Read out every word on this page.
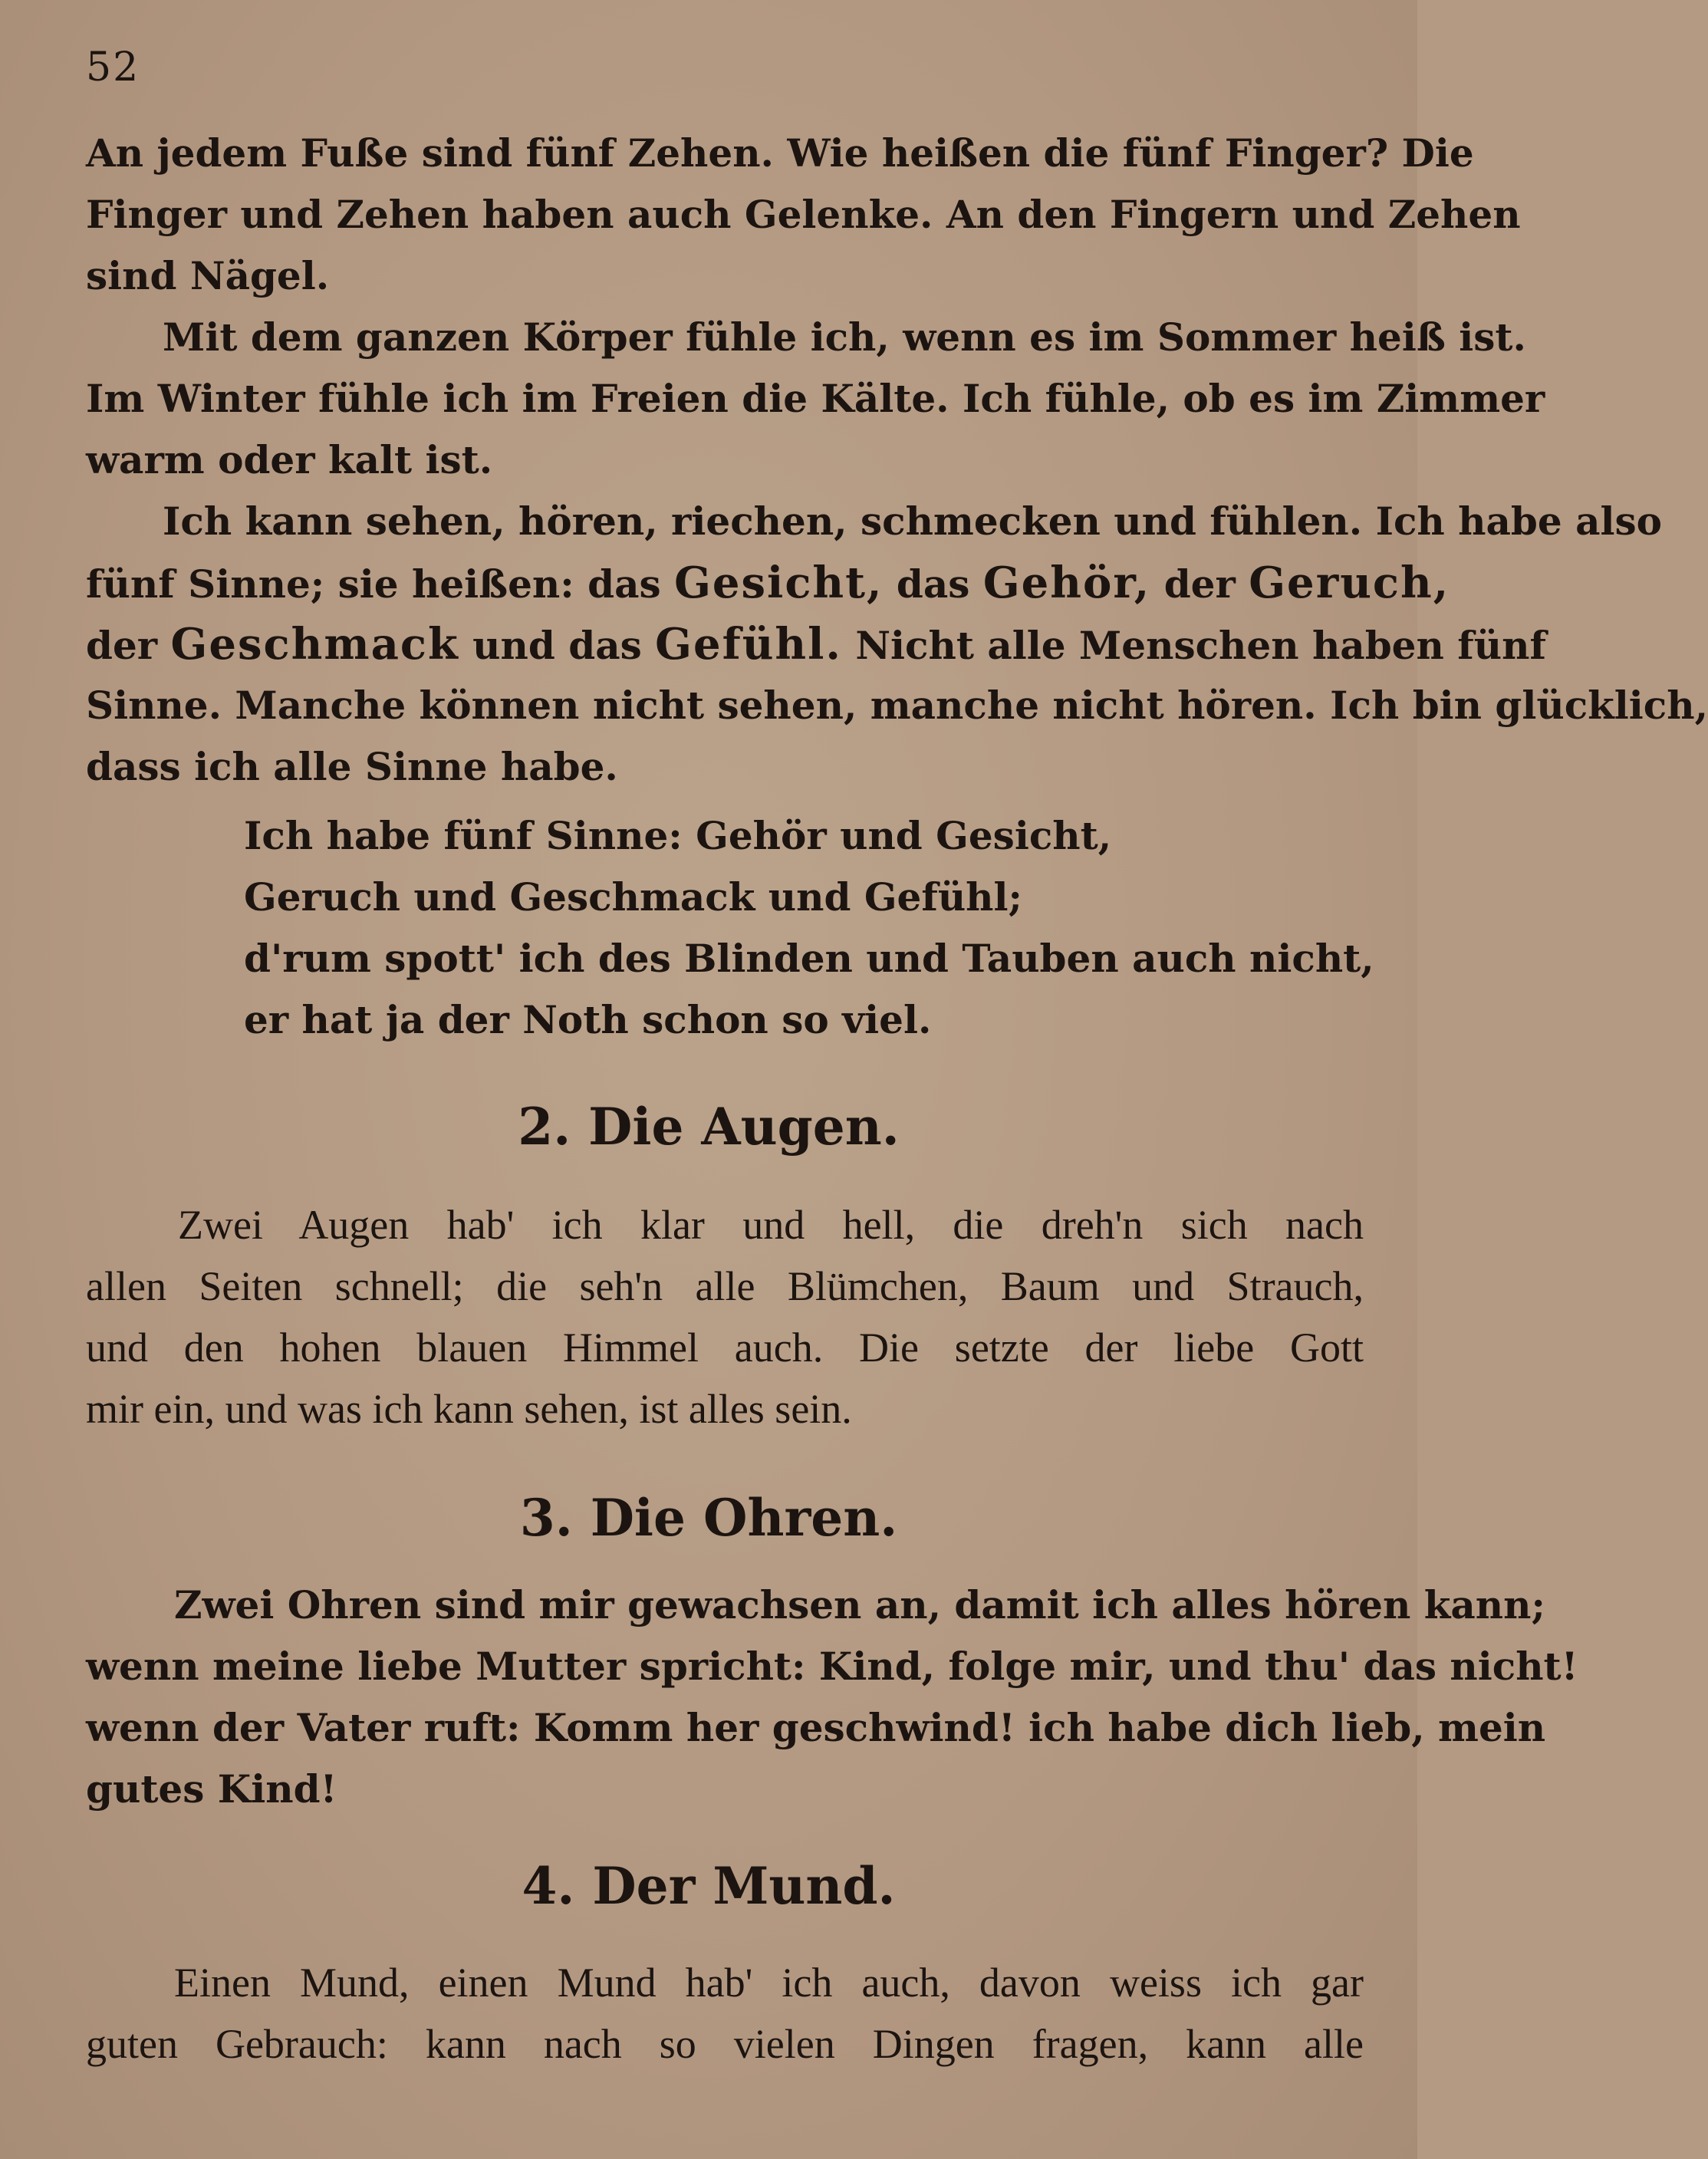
52
An jedem Fuße sind fünf Zehen. Wie heißen die fünf Finger? Die
Finger und Zehen haben auch Gelenke. An den Fingern und Zehen
sind Nägel.
Mit dem ganzen Körper fühle ich, wenn es im Sommer heiß ist.
Im Winter fühle ich im Freien die Kälte. Ich fühle, ob es im Zimmer
warm oder kalt ist.
Ich kann sehen, hören, riechen, schmecken und fühlen. Ich habe also
fünf Sinne; sie heißen: das Gesicht, das Gehör, der Geruch,
der Geschmack und das Gefühl. Nicht alle Menschen haben fünf
Sinne. Manche können nicht sehen, manche nicht hören. Ich bin glücklich,
dass ich alle Sinne habe.
Ich habe fünf Sinne: Gehör und Gesicht,
Geruch und Geschmack und Gefühl;
d'rum spott' ich des Blinden und Tauben auch nicht,
er hat ja der Noth schon so viel.
2. Die Augen.
Zwei Augen hab' ich klar und hell, die dreh'n sich nach
allen Seiten schnell; die seh'n alle Blümchen, Baum und Strauch,
und den hohen blauen Himmel auch. Die setzte der liebe Gott
mir ein, und was ich kann sehen, ist alles sein.
3. Die Ohren.
Zwei Ohren sind mir gewachsen an, damit ich alles hören kann;
wenn meine liebe Mutter spricht: Kind, folge mir, und thu' das nicht!
wenn der Vater ruft: Komm her geschwind! ich habe dich lieb, mein
gutes Kind!
4. Der Mund.
Einen Mund, einen Mund hab' ich auch, davon weiss ich gar
guten Gebrauch: kann nach so vielen Dingen fragen, kann alle
